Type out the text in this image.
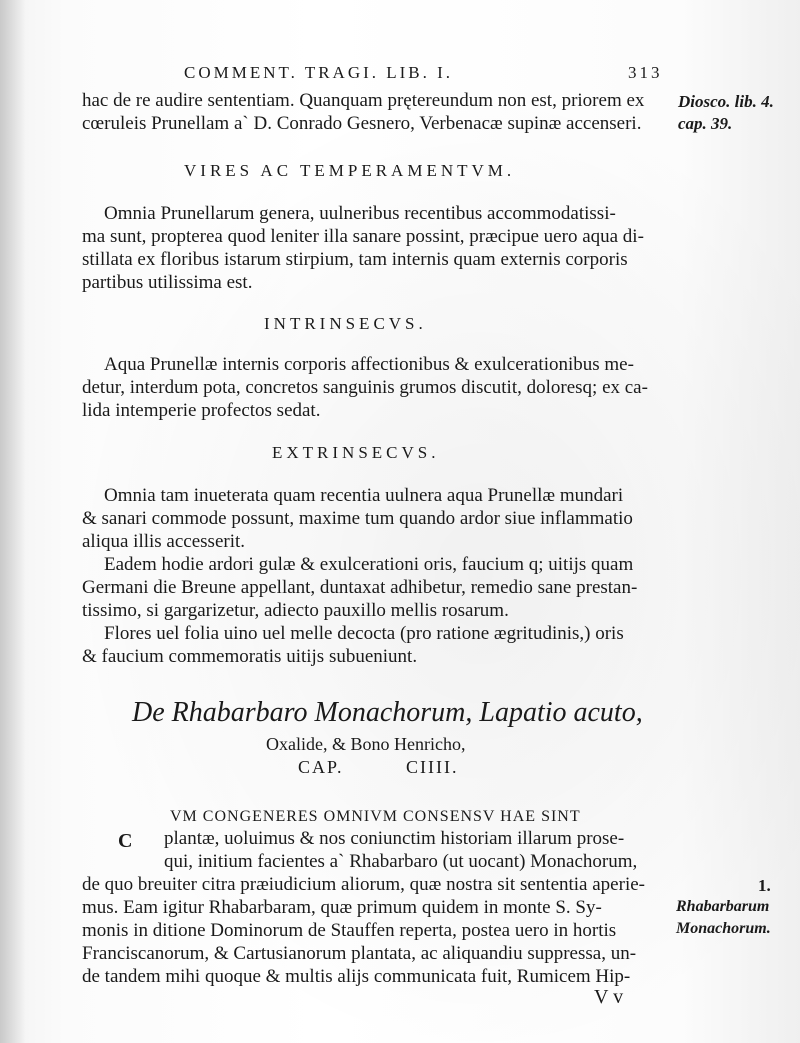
COMMENT. TRAGI. LIB. I.	313
hac de re audire sententiam. Quanquam prętereundum non est, priorem ex
cœruleis Prunellam a` D. Conrado Gesnero, Verbenacæ supinæ accenseri.
Diosco. lib. 4.
cap. 39.
VIRES AC TEMPERAMENTVM.
Omnia Prunellarum genera, uulneribus recentibus accommodatissi-
ma sunt, propterea quod leniter illa sanare possint, præcipue uero aqua di-
stillata ex floribus istarum stirpium, tam internis quam externis corporis
partibus utilissima est.
INTRINSECVS.
Aqua Prunellæ internis corporis affectionibus & exulcerationibus me-
detur, interdum pota, concretos sanguinis grumos discutit, doloresq; ex ca-
lida intemperie profectos sedat.
EXTRINSECVS.
Omnia tam inueterata quam recentia uulnera aqua Prunellæ mundari
& sanari commode possunt, maxime tum quando ardor siue inflammatio
aliqua illis accesserit.
Eadem hodie ardori gulæ & exulcerationi oris, faucium q; uitijs quam
Germani die Breune appellant, duntaxat adhibetur, remedio sane prestan-
tissimo, si gargarizetur, adiecto pauxillo mellis rosarum.
Flores uel folia uino uel melle decocta (pro ratione ægritudinis,) oris
& faucium commemoratis uitijs subueniunt.
De Rhabarbaro Monachorum, Lapatio acuto,
Oxalide, & Bono Henricho,
CAP.	CIIII.
VM CONGENERES OMNIVM CONSENSV HAE SINT
C plantæ, uoluimus & nos coniunctim historiam illarum prose-
qui, initium facientes a` Rhabarbaro (ut uocant) Monachorum,
de quo breuiter citra præiudicium aliorum, quæ nostra sit sententia aperie-
mus. Eam igitur Rhabarbaram, quæ primum quidem in monte S. Sy-
monis in ditione Dominorum de Stauffen reperta, postea uero in hortis
Franciscanorum, & Cartusianorum plantata, ac aliquandiu suppressa, un-
de tandem mihi quoque & multis alijs communicata fuit, Rumicem Hip-
1.
Rhabarbarum
Monachorum.
V v
